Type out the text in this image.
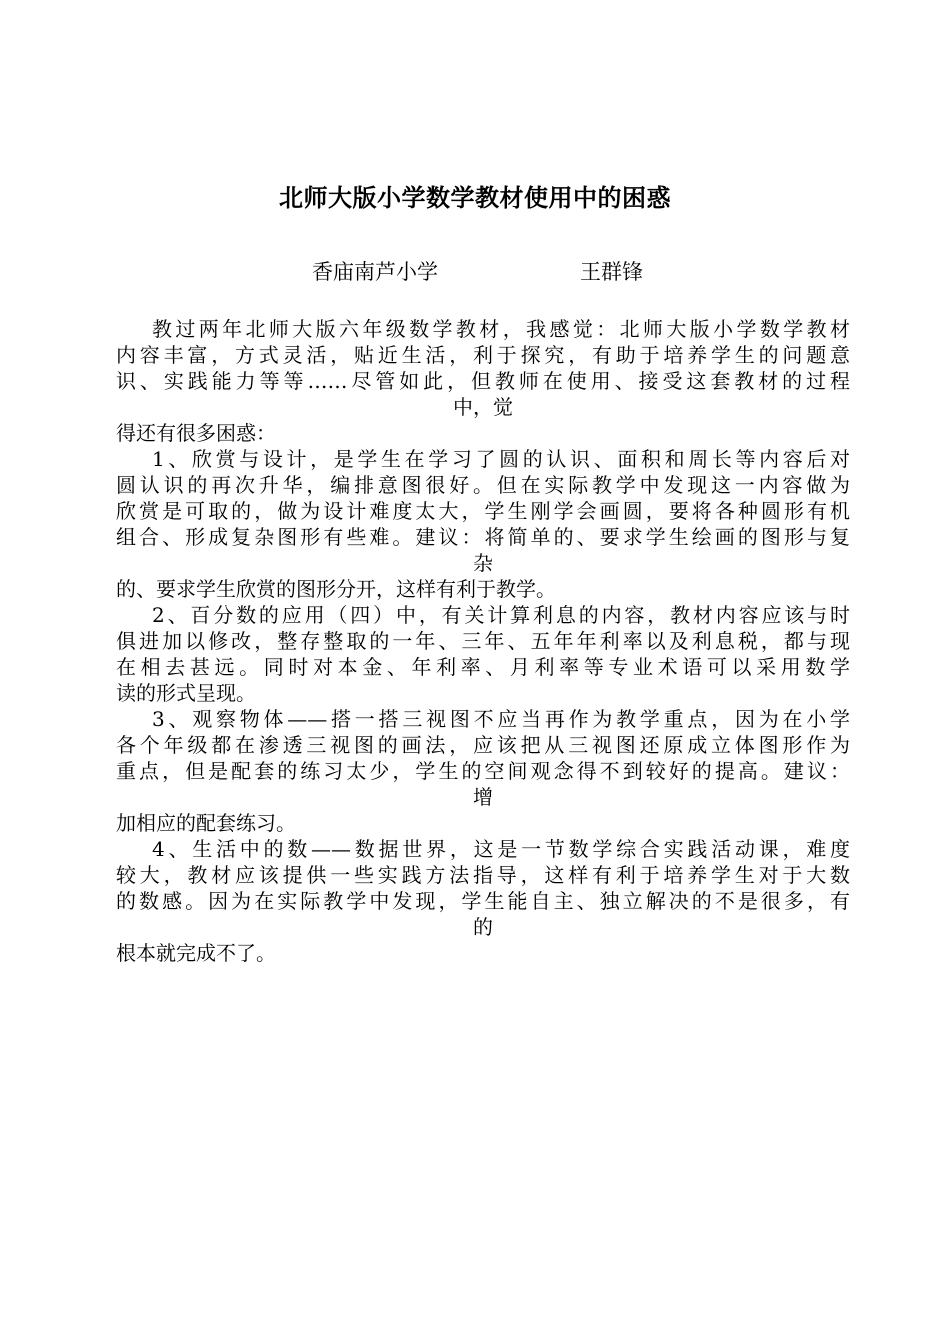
北师大版小学数学教材使用中的困惑
香庙南芦小学	王群锋
教过两年北师大版六年级数学教材，我感觉：北师大版小学数学教材
内容丰富，方式灵活，贴近生活，利于探究，有助于培养学生的问题意
识、实践能力等等……尽管如此，但教师在使用、接受这套教材的过程
中，觉
得还有很多困惑：
1、欣赏与设计，是学生在学习了圆的认识、面积和周长等内容后对
圆认识的再次升华，编排意图很好。但在实际教学中发现这一内容做为
欣赏是可取的，做为设计难度太大，学生刚学会画圆，要将各种圆形有机
组合、形成复杂图形有些难。建议：将简单的、要求学生绘画的图形与复
杂
的、要求学生欣赏的图形分开，这样有利于教学。
2、百分数的应用（四）中，有关计算利息的内容，教材内容应该与时
俱进加以修改，整存整取的一年、三年、五年年利率以及利息税，都与现
在相去甚远。同时对本金、年利率、月利率等专业术语可以采用数学
读的形式呈现。
3、观察物体——搭一搭三视图不应当再作为教学重点，因为在小学
各个年级都在渗透三视图的画法，应该把从三视图还原成立体图形作为
重点，但是配套的练习太少，学生的空间观念得不到较好的提高。建议：
增
加相应的配套练习。
4、生活中的数——数据世界，这是一节数学综合实践活动课，难度
较大，教材应该提供一些实践方法指导，这样有利于培养学生对于大数
的数感。因为在实际教学中发现，学生能自主、独立解决的不是很多，有
的
根本就完成不了。
